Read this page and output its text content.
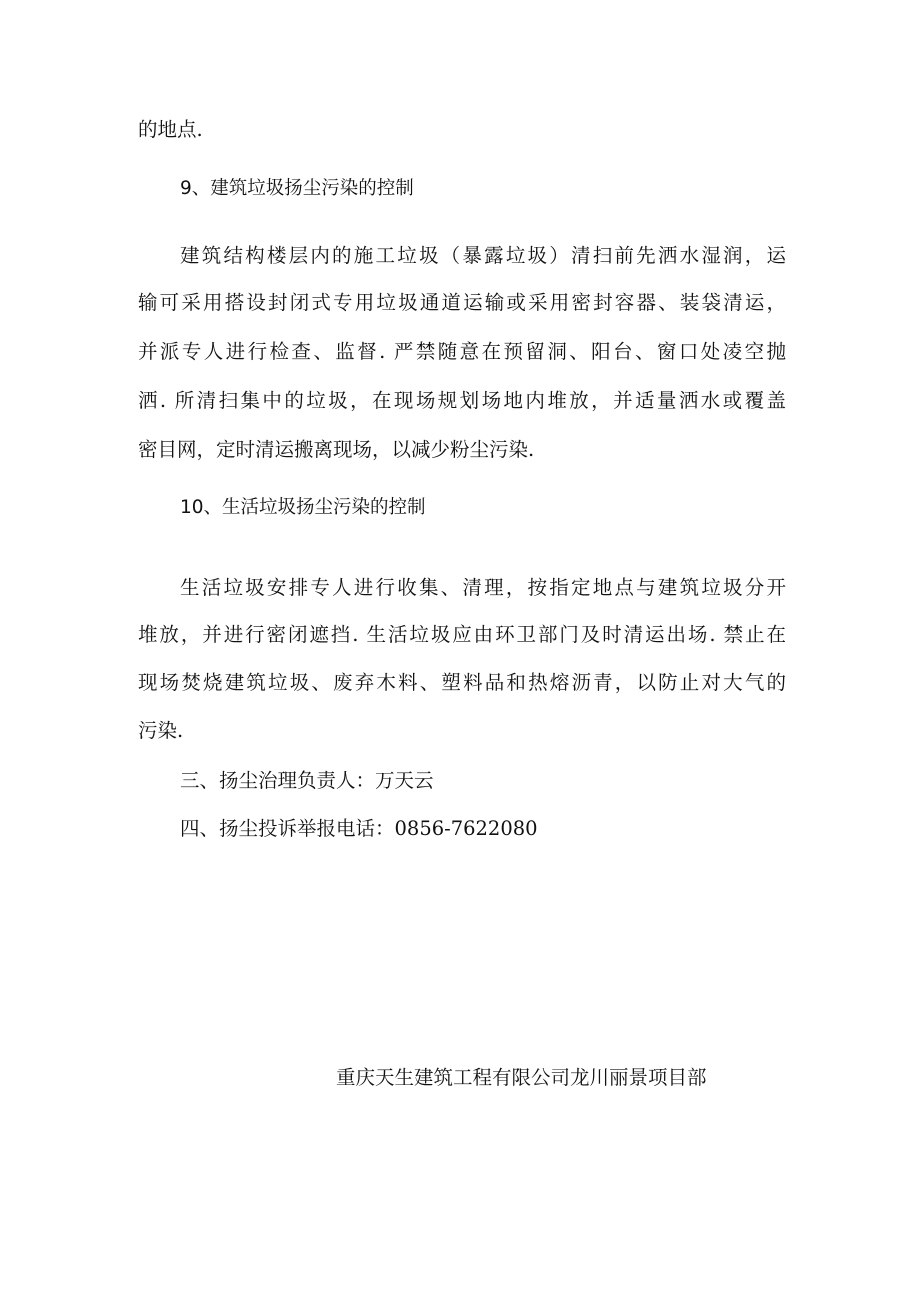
的地点.
9、建筑垃圾扬尘污染的控制
建筑结构楼层内的施工垃圾（暴露垃圾）清扫前先洒水湿润，运
输可采用搭设封闭式专用垃圾通道运输或采用密封容器、装袋清运，
并派专人进行检查、监督. 严禁随意在预留洞、阳台、窗口处凌空抛
洒. 所清扫集中的垃圾，在现场规划场地内堆放，并适量洒水或覆盖
密目网，定时清运搬离现场，以减少粉尘污染.
10、生活垃圾扬尘污染的控制
生活垃圾安排专人进行收集、清理，按指定地点与建筑垃圾分开
堆放，并进行密闭遮挡. 生活垃圾应由环卫部门及时清运出场. 禁止在
现场焚烧建筑垃圾、废弃木料、塑料品和热熔沥青，以防止对大气的
污染.
三、扬尘治理负责人：万天云
四、扬尘投诉举报电话：0856-7622080
重庆天生建筑工程有限公司龙川丽景项目部
